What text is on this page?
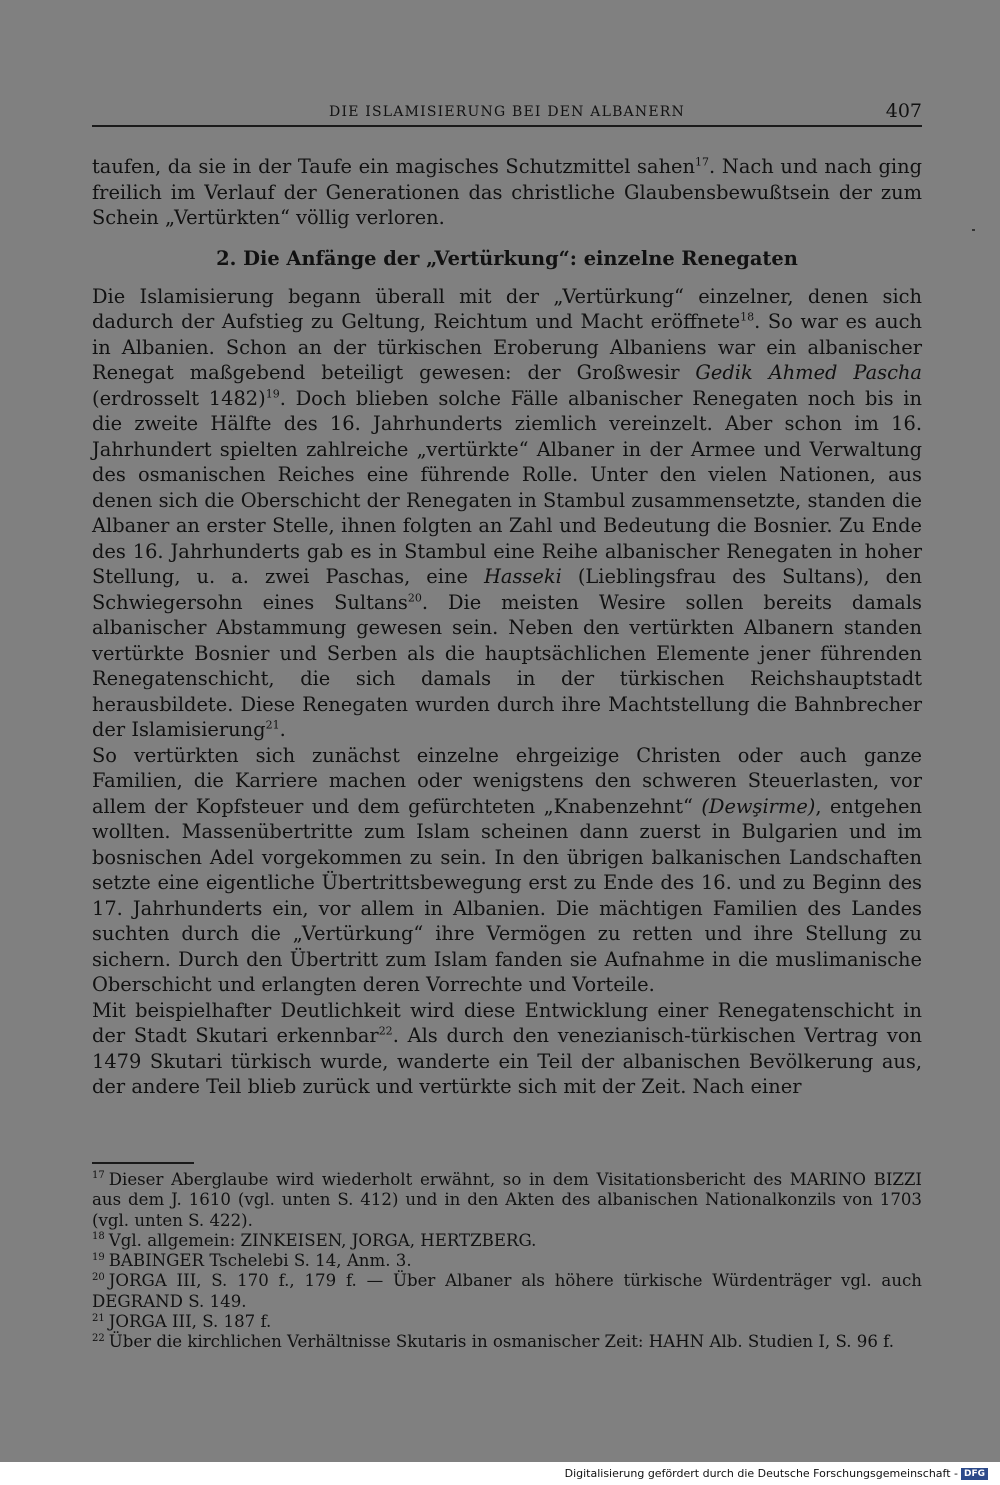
DIE ISLAMISIERUNG BEI DEN ALBANERN	407

taufen, da sie in der Taufe ein magisches Schutzmittel sahen$^{17}$. Nach und nach ging freilich im Verlauf der Generationen das christliche Glaubensbewußtsein der zum Schein „Vertürkten“ völlig verloren.

2. Die Anfänge der „Vertürkung“: einzelne Renegaten

Die Islamisierung begann überall mit der „Vertürkung“ einzelner, denen sich dadurch der Aufstieg zu Geltung, Reichtum und Macht eröffnete$^{18}$. So war es auch in Albanien. Schon an der türkischen Eroberung Albaniens war ein albanischer Renegat maßgebend beteiligt gewesen: der Großwesir Gedik Ahmed Pascha (erdrosselt 1482)$^{19}$. Doch blieben solche Fälle albanischer Renegaten noch bis in die zweite Hälfte des 16. Jahrhunderts ziemlich vereinzelt. Aber schon im 16. Jahrhundert spielten zahlreiche „vertürkte“ Albaner in der Armee und Verwaltung des osmanischen Reiches eine führende Rolle. Unter den vielen Nationen, aus denen sich die Oberschicht der Renegaten in Stambul zusammensetzte, standen die Albaner an erster Stelle, ihnen folgten an Zahl und Bedeutung die Bosnier. Zu Ende des 16. Jahrhunderts gab es in Stambul eine Reihe albanischer Renegaten in hoher Stellung, u. a. zwei Paschas, eine Hasseki (Lieblingsfrau des Sultans), den Schwiegersohn eines Sultans$^{20}$. Die meisten Wesire sollen bereits damals albanischer Abstammung gewesen sein. Neben den vertürkten Albanern standen vertürkte Bosnier und Serben als die hauptsächlichen Elemente jener führenden Renegatenschicht, die sich damals in der türkischen Reichshauptstadt herausbildete. Diese Renegaten wurden durch ihre Machtstellung die Bahnbrecher der Islamisierung$^{21}$.

So vertürkten sich zunächst einzelne ehrgeizige Christen oder auch ganze Familien, die Karriere machen oder wenigstens den schweren Steuerlasten, vor allem der Kopfsteuer und dem gefürchteten „Knabenzehnt“ (Dewşirme), entgehen wollten. Massenübertritte zum Islam scheinen dann zuerst in Bulgarien und im bosnischen Adel vorgekommen zu sein. In den übrigen balkanischen Landschaften setzte eine eigentliche Übertrittsbewegung erst zu Ende des 16. und zu Beginn des 17. Jahrhunderts ein, vor allem in Albanien. Die mächtigen Familien des Landes suchten durch die „Vertürkung“ ihre Vermögen zu retten und ihre Stellung zu sichern. Durch den Übertritt zum Islam fanden sie Aufnahme in die muslimanische Oberschicht und erlangten deren Vorrechte und Vorteile.

Mit beispielhafter Deutlichkeit wird diese Entwicklung einer Renegatenschicht in der Stadt Skutari erkennbar$^{22}$. Als durch den venezianisch-türkischen Vertrag von 1479 Skutari türkisch wurde, wanderte ein Teil der albanischen Bevölkerung aus, der andere Teil blieb zurück und vertürkte sich mit der Zeit. Nach einer

$^{17}$ Dieser Aberglaube wird wiederholt erwähnt, so in dem Visitationsbericht des MARINO BIZZI aus dem J. 1610 (vgl. unten S. 412) und in den Akten des albanischen Nationalkonzils von 1703 (vgl. unten S. 422).

$^{18}$ Vgl. allgemein: ZINKEISEN, JORGA, HERTZBERG.

$^{19}$ BABINGER Tschelebi S. 14, Anm. 3.

$^{20}$ JORGA III, S. 170 f., 179 f. — Über Albaner als höhere türkische Würdenträger vgl. auch DEGRAND S. 149.

$^{21}$ JORGA III, S. 187 f.

$^{22}$ Über die kirchlichen Verhältnisse Skutaris in osmanischer Zeit: HAHN Alb. Studien I, S. 96 f.

Digitalisierung gefördert durch die Deutsche Forschungsgemeinschaft - DFG
